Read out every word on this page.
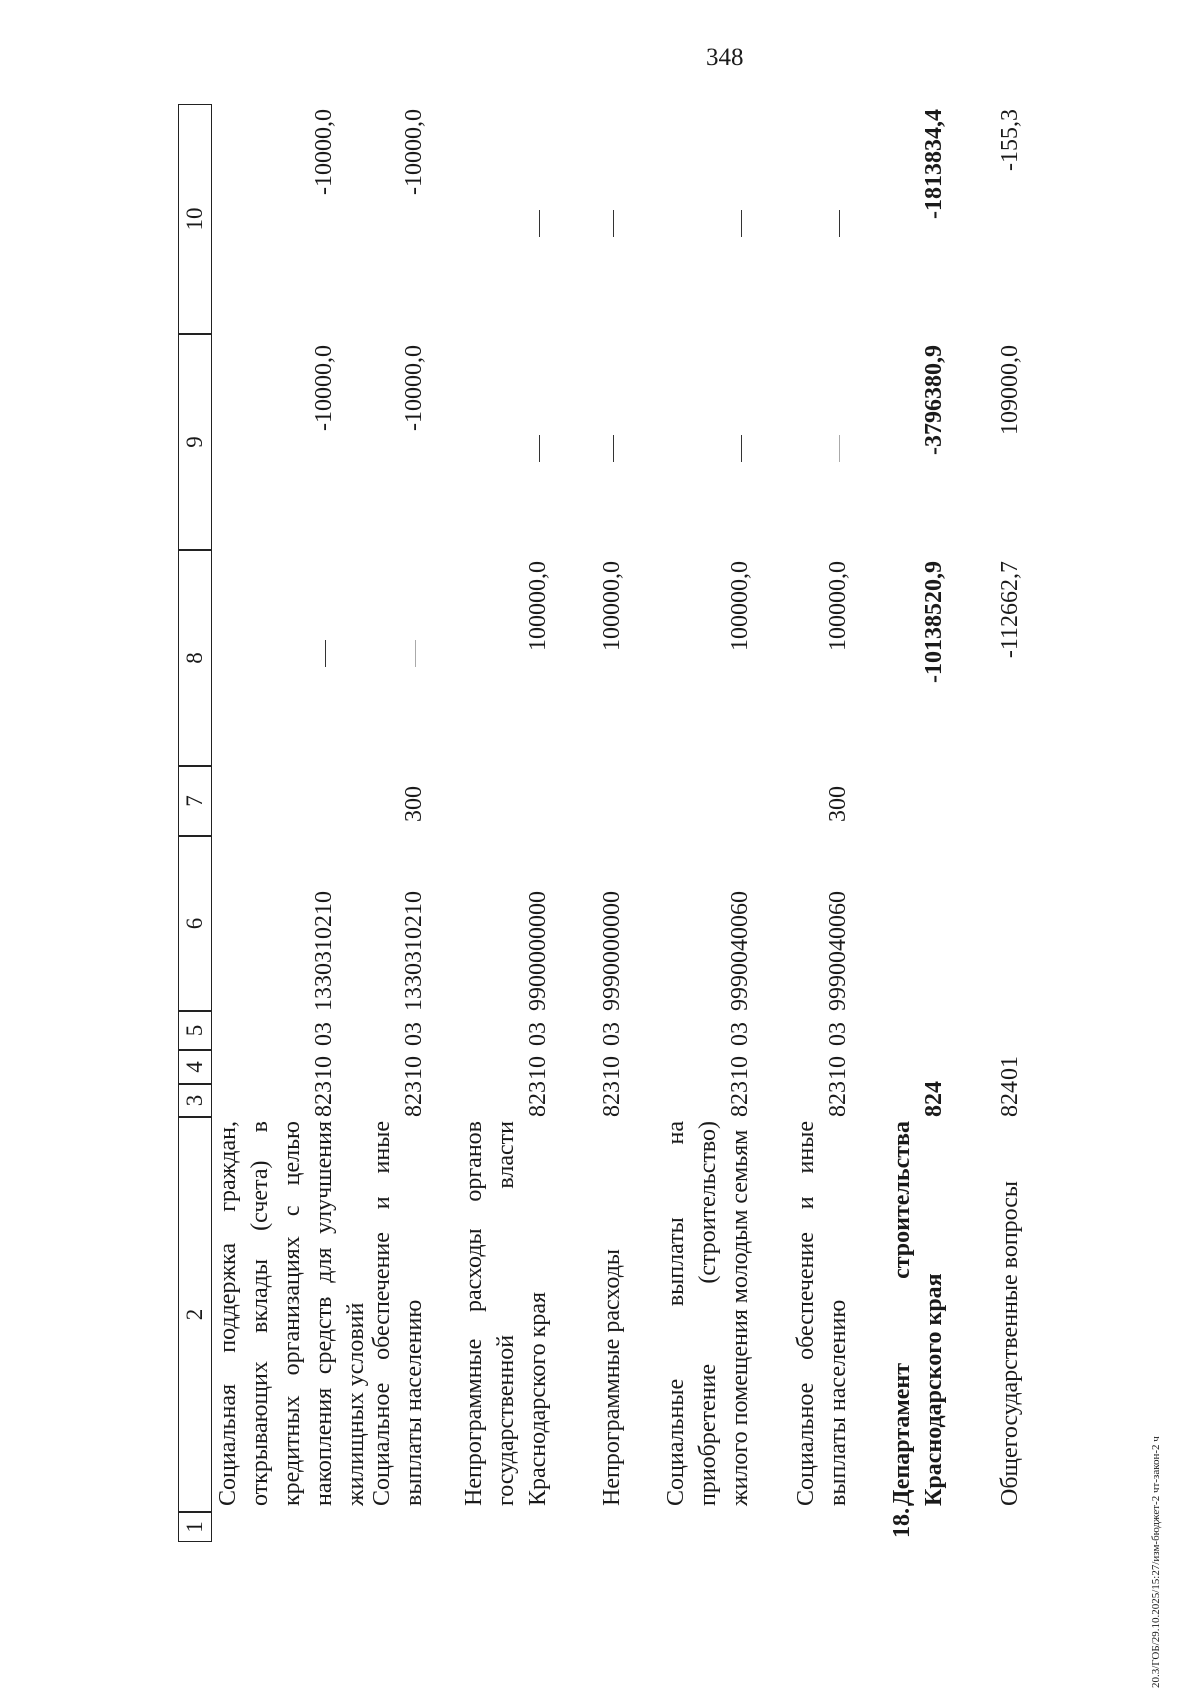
348
1
2
3
4
5
6
7
8
9
10
Социальная поддержка граждан, открывающих вклады (счета) в кредитных организациях с целью накопления средств для улучшения жилищных условий
823
10
03
1330310210
-10000,0
-10000,0
Социальное обеспечение и иные выплаты населению
823
10
03
1330310210
300
-10000,0
-10000,0
Непрограммные расходы органов государственной власти Краснодарского края
823
10
03
9900000000
100000,0
Непрограммные расходы
823
10
03
9990000000
100000,0
Социальные выплаты на приобретение (строительство) жилого помещения молодым семьям
823
10
03
9990040060
100000,0
Социальное обеспечение и иные выплаты населению
823
10
03
9990040060
300
100000,0
18.
Департамент строительства Краснодарского края
824
-10138520,9
-3796380,9
-1813834,4
Общегосударственные вопросы
824
01
-112662,7
109000,0
-155,3
20.3/ГОБ/29.10.2025/15:27/изм-бюджет-2 чт-закон-2 ч
